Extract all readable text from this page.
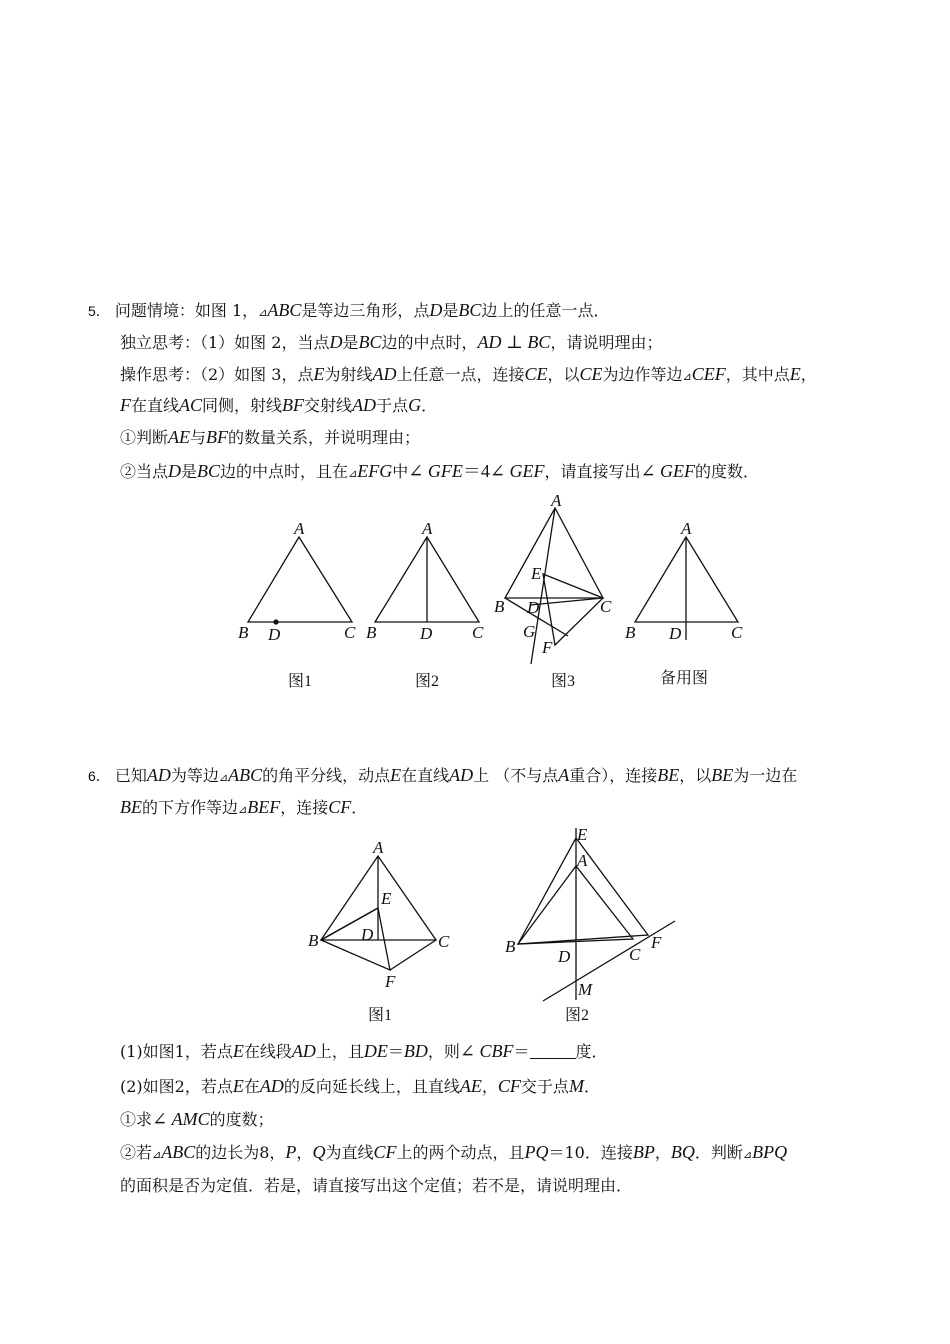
5． 问题情境：如图 1，⊿ABC是等边三角形，点D是BC边上的任意一点．
独立思考：（1）如图 2，当点D是BC边的中点时，AD ⊥ BC，请说明理由；
操作思考：（2）如图 3，点E为射线AD上任意一点，连接CE，以CE为边作等边⊿CEF，其中点E，
F在直线AC同侧，射线BF交射线AD于点G．
①判断AE与BF的数量关系，并说明理由；
②当点D是BC边的中点时，且在⊿EFG中∠ GFE＝4∠ GEF，请直接写出∠ GEF的度数．
A
B D	C
图1
A
B	D C
图2
A
E
B D	C
G
F
图3
A
B D	C
备用图
6． 已知AD为等边⊿ABC的角平分线，动点E在直线AD上 （不与点A重合），连接BE，以BE为一边在
BE的下方作等边⊿BEF，连接CF．
A
E
B	D	C
F
图1
E
A
B
D	C
F
M
图2
(1)如图1，若点E在线段AD上，且DE＝BD，则∠ CBF＝	度．
(2)如图2，若点E在AD的反向延长线上，且直线AE，CF交于点M．
①求∠ AMC的度数；
②若⊿ABC的边长为8，P，Q为直线CF上的两个动点，且PQ＝10．连接BP，BQ．判断⊿BPQ
的面积是否为定值．若是，请直接写出这个定值；若不是，请说明理由．
